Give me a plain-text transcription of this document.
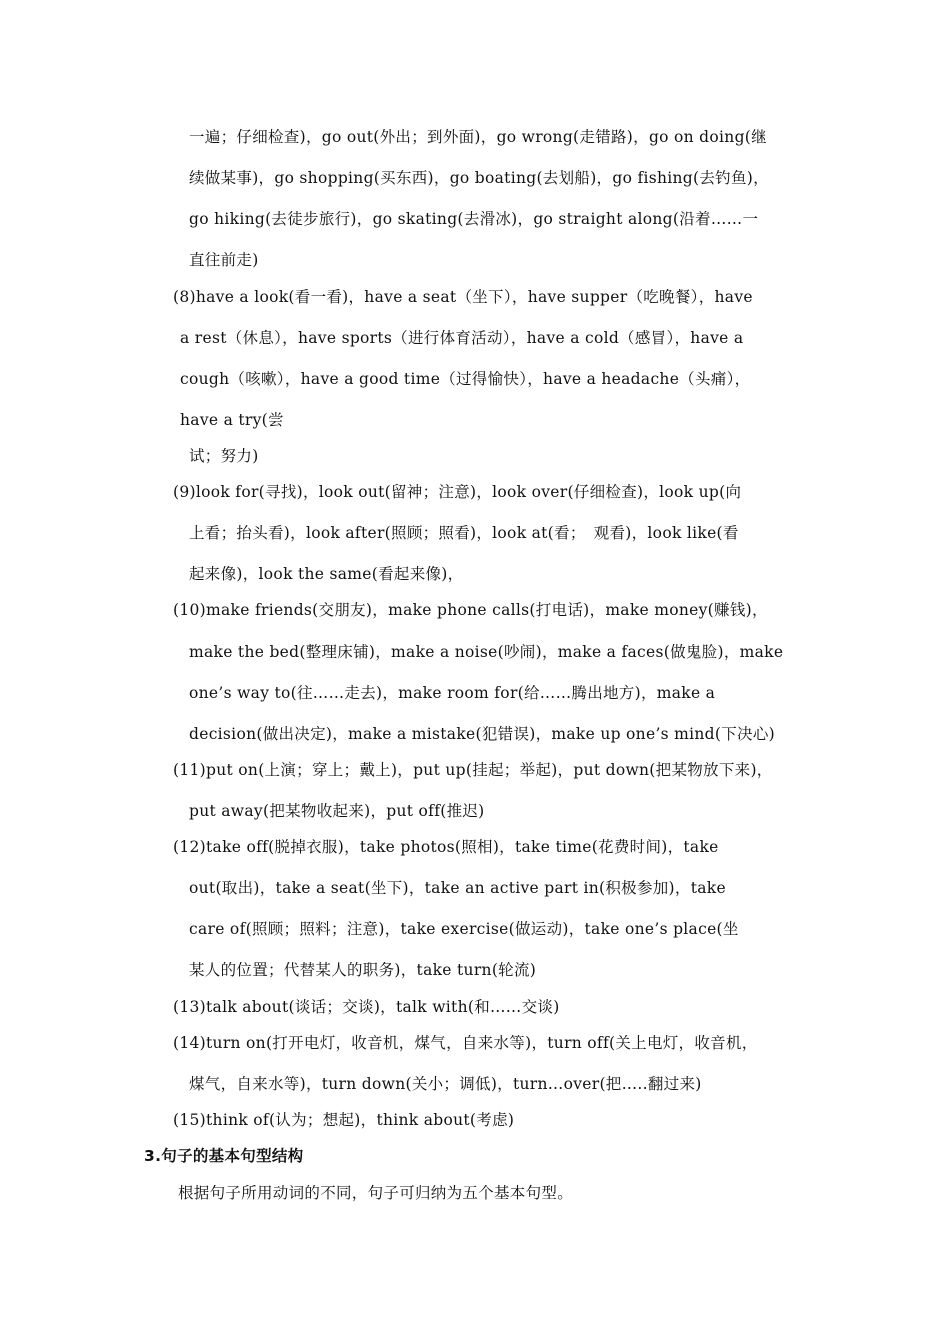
一遍；仔细检查)，go out(外出；到外面)，go wrong(走错路)，go on doing(继
续做某事)，go shopping(买东西)，go boating(去划船)，go fishing(去钓鱼)，
go hiking(去徒步旅行)，go skating(去滑冰)，go straight along(沿着……一
直往前走)
(8)have a look(看一看)，have a seat（坐下），have supper（吃晚餐），have
a rest（休息），have sports（进行体育活动），have a cold（感冒），have a
cough（咳嗽），have a good time（过得愉快），have a headache（头痛），
have a try(尝
试；努力)
(9)look for(寻找)，look out(留神；注意)，look over(仔细检查)，look up(向
上看；抬头看)，look after(照顾；照看)，look at(看；　观看)，look like(看
起来像)，look the same(看起来像)，
(10)make friends(交朋友)，make phone calls(打电话)，make money(赚钱)，
make the bed(整理床铺)，make a noise(吵闹)，make a faces(做鬼脸)，make
one’s way to(往……走去)，make room for(给……腾出地方)，make a
decision(做出决定)，make a mistake(犯错误)，make up one’s mind(下决心)
(11)put on(上演；穿上；戴上)，put up(挂起；举起)，put down(把某物放下来)，
put away(把某物收起来)，put off(推迟)
(12)take off(脱掉衣服)，take photos(照相)，take time(花费时间)，take
out(取出)，take a seat(坐下)，take an active part in(积极参加)，take
care of(照顾；照料；注意)，take exercise(做运动)，take one’s place(坐
某人的位置；代替某人的职务)，take turn(轮流)
(13)talk about(谈话；交谈)，talk with(和……交谈)
(14)turn on(打开电灯，收音机，煤气，自来水等)，turn off(关上电灯，收音机，
煤气，自来水等)，turn down(关小；调低)，turn…over(把…..翻过来)
(15)think of(认为；想起)，think about(考虑)
3.句子的基本句型结构
根据句子所用动词的不同，句子可归纳为五个基本句型。
